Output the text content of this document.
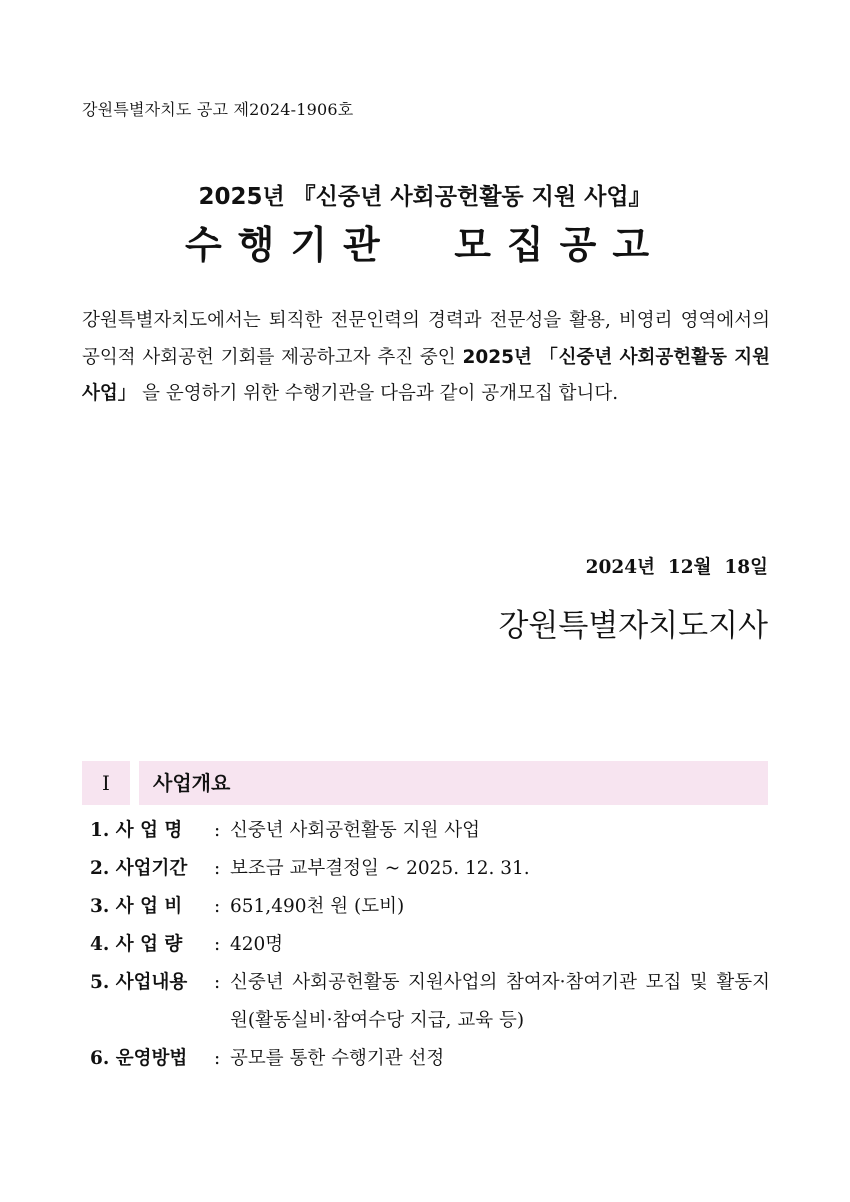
강원특별자치도 공고 제2024-1906호
2025년 『신중년 사회공헌활동 지원 사업』
수행기관  모집공고
강원특별자치도에서는 퇴직한 전문인력의 경력과 전문성을 활용, 비영리 영역에서의 공익적 사회공헌 기회를 제공하고자 추진 중인 2025년 「신중년 사회공헌활동 지원 사업」 을 운영하기 위한 수행기관을 다음과 같이 공개모집 합니다.
2024년  12월  18일
강원특별자치도지사
I	사업개요
1. 사 업 명	: 신중년 사회공헌활동 지원 사업
2. 사업기간	: 보조금 교부결정일 ~ 2025. 12. 31.
3. 사 업 비	: 651,490천 원 (도비)
4. 사 업 량	: 420명
5. 사업내용	: 신중년 사회공헌활동 지원사업의 참여자·참여기관 모집 및 활동지원(활동실비·참여수당 지급, 교육 등)
6. 운영방법	: 공모를 통한 수행기관 선정
